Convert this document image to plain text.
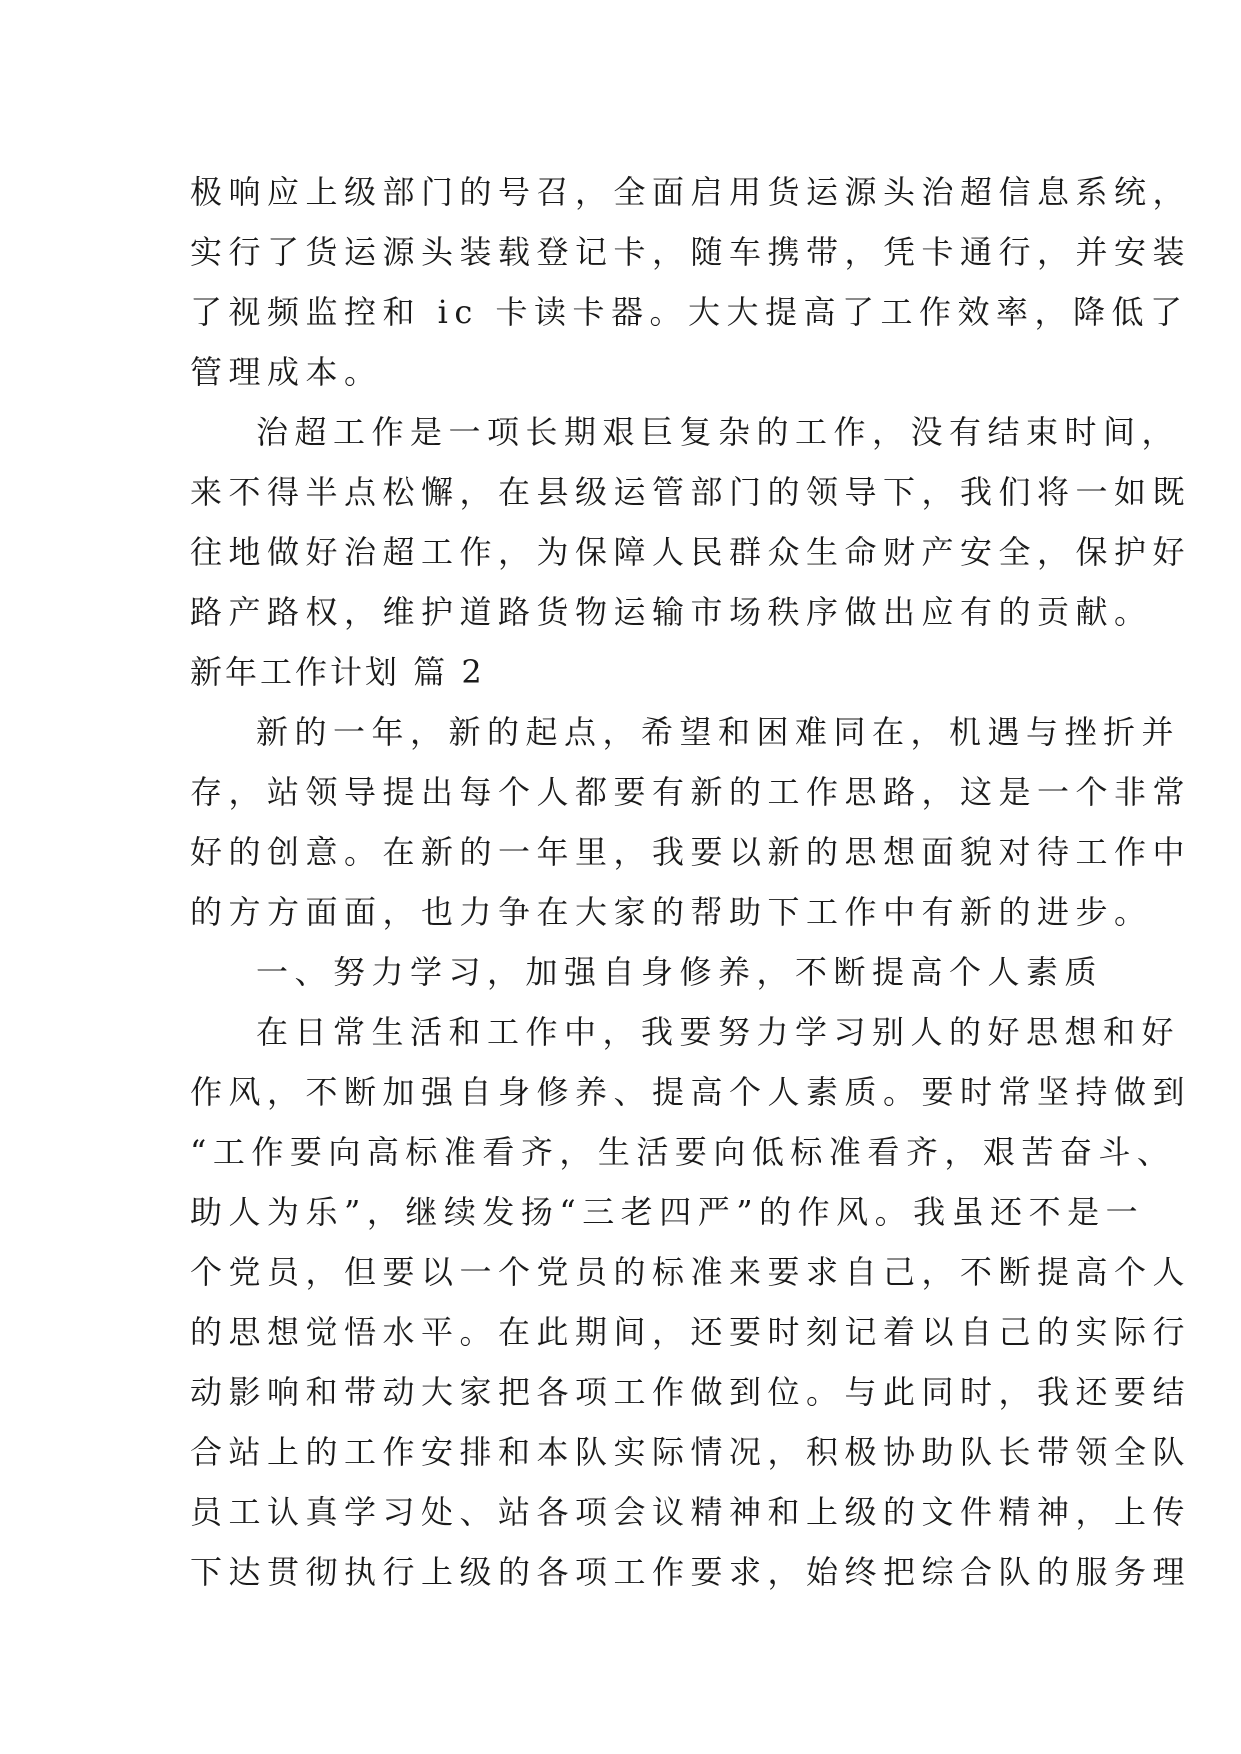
极响应上级部门的号召，全面启用货运源头治超信息系统，
实行了货运源头装载登记卡，随车携带，凭卡通行，并安装
了视频监控和 ic 卡读卡器。大大提高了工作效率，降低了
管理成本。
治超工作是一项长期艰巨复杂的工作，没有结束时间，
来不得半点松懈，在县级运管部门的领导下，我们将一如既
往地做好治超工作，为保障人民群众生命财产安全，保护好
路产路权，维护道路货物运输市场秩序做出应有的贡献。
新年工作计划 篇 2
新的一年，新的起点，希望和困难同在，机遇与挫折并
存，站领导提出每个人都要有新的工作思路，这是一个非常
好的创意。在新的一年里，我要以新的思想面貌对待工作中
的方方面面，也力争在大家的帮助下工作中有新的进步。
一、努力学习，加强自身修养，不断提高个人素质
在日常生活和工作中，我要努力学习别人的好思想和好
作风，不断加强自身修养、提高个人素质。要时常坚持做到
“工作要向高标准看齐，生活要向低标准看齐，艰苦奋斗、
助人为乐”，继续发扬“三老四严”的作风。我虽还不是一
个党员，但要以一个党员的标准来要求自己，不断提高个人
的思想觉悟水平。在此期间，还要时刻记着以自己的实际行
动影响和带动大家把各项工作做到位。与此同时，我还要结
合站上的工作安排和本队实际情况，积极协助队长带领全队
员工认真学习处、站各项会议精神和上级的文件精神，上传
下达贯彻执行上级的各项工作要求，始终把综合队的服务理
